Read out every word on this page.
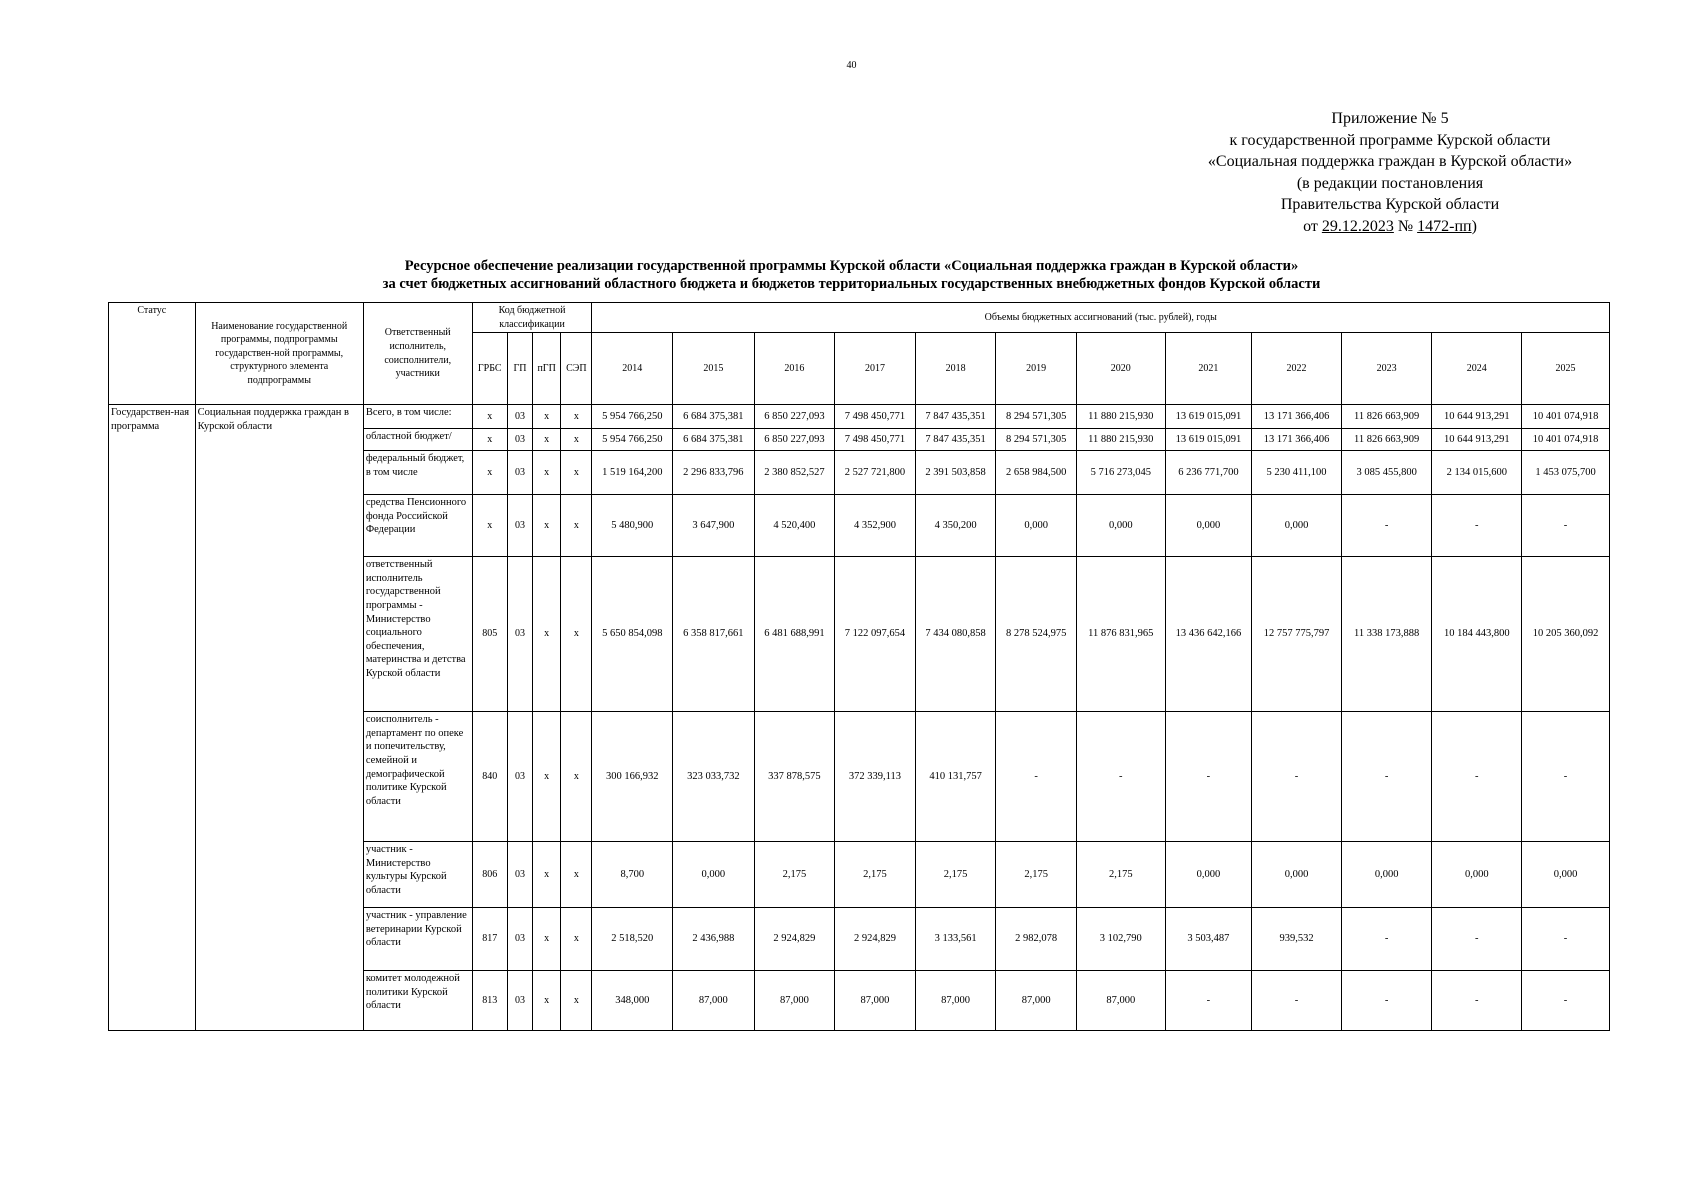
40
Приложение № 5
к государственной программе Курской области
«Социальная поддержка граждан в Курской области»
(в редакции постановления
Правительства Курской области
от 29.12.2023 № 1472-пп)
Ресурсное обеспечение реализации государственной программы Курской области «Социальная поддержка граждан в Курской области»
за счет бюджетных ассигнований областного бюджета и бюджетов территориальных государственных внебюджетных фондов Курской области
Статус	Наименование государственной программы, подпрограммы государствен-ной программы, структурного элемента подпрограммы	Ответственный исполнитель, соисполнители, участники	Код бюджетной классификации				Объемы бюджетных ассигнований (тыс. рублей), годы											
			ГРБС	ГП	пГП	СЭП	2014	2015	2016	2017	2018	2019	2020	2021	2022	2023	2024	2025
Государствен-ная программа	Социальная поддержка граждан в Курской области	Всего, в том числе:	х	03	х	х	5 954 766,250	6 684 375,381	6 850 227,093	7 498 450,771	7 847 435,351	8 294 571,305	11 880 215,930	13 619 015,091	13 171 366,406	11 826 663,909	10 644 913,291	10 401 074,918
		областной бюджет/	х	03	х	х	5 954 766,250	6 684 375,381	6 850 227,093	7 498 450,771	7 847 435,351	8 294 571,305	11 880 215,930	13 619 015,091	13 171 366,406	11 826 663,909	10 644 913,291	10 401 074,918
		федеральный бюджет, в том числе	х	03	х	х	1 519 164,200	2 296 833,796	2 380 852,527	2 527 721,800	2 391 503,858	2 658 984,500	5 716 273,045	6 236 771,700	5 230 411,100	3 085 455,800	2 134 015,600	1 453 075,700
		средства Пенсионного фонда Российской Федерации	х	03	х	х	5 480,900	3 647,900	4 520,400	4 352,900	4 350,200	0,000	0,000	0,000	0,000	-	-	-
		ответственный исполнитель государственной программы - Министерство социального обеспечения, материнства и детства Курской области	805	03	х	х	5 650 854,098	6 358 817,661	6 481 688,991	7 122 097,654	7 434 080,858	8 278 524,975	11 876 831,965	13 436 642,166	12 757 775,797	11 338 173,888	10 184 443,800	10 205 360,092
		соисполнитель - департамент по опеке и попечительству, семейной и демографической политике Курской области	840	03	х	х	300 166,932	323 033,732	337 878,575	372 339,113	410 131,757	-	-	-	-	-	-	-
		участник - Министерство культуры Курской области	806	03	х	х	8,700	0,000	2,175	2,175	2,175	2,175	2,175	0,000	0,000	0,000	0,000	0,000
		участник - управление ветеринарии Курской области	817	03	х	х	2 518,520	2 436,988	2 924,829	2 924,829	3 133,561	2 982,078	3 102,790	3 503,487	939,532	-	-	-
		комитет молодежной политики Курской области	813	03	х	х	348,000	87,000	87,000	87,000	87,000	87,000	87,000	-	-	-	-	-
